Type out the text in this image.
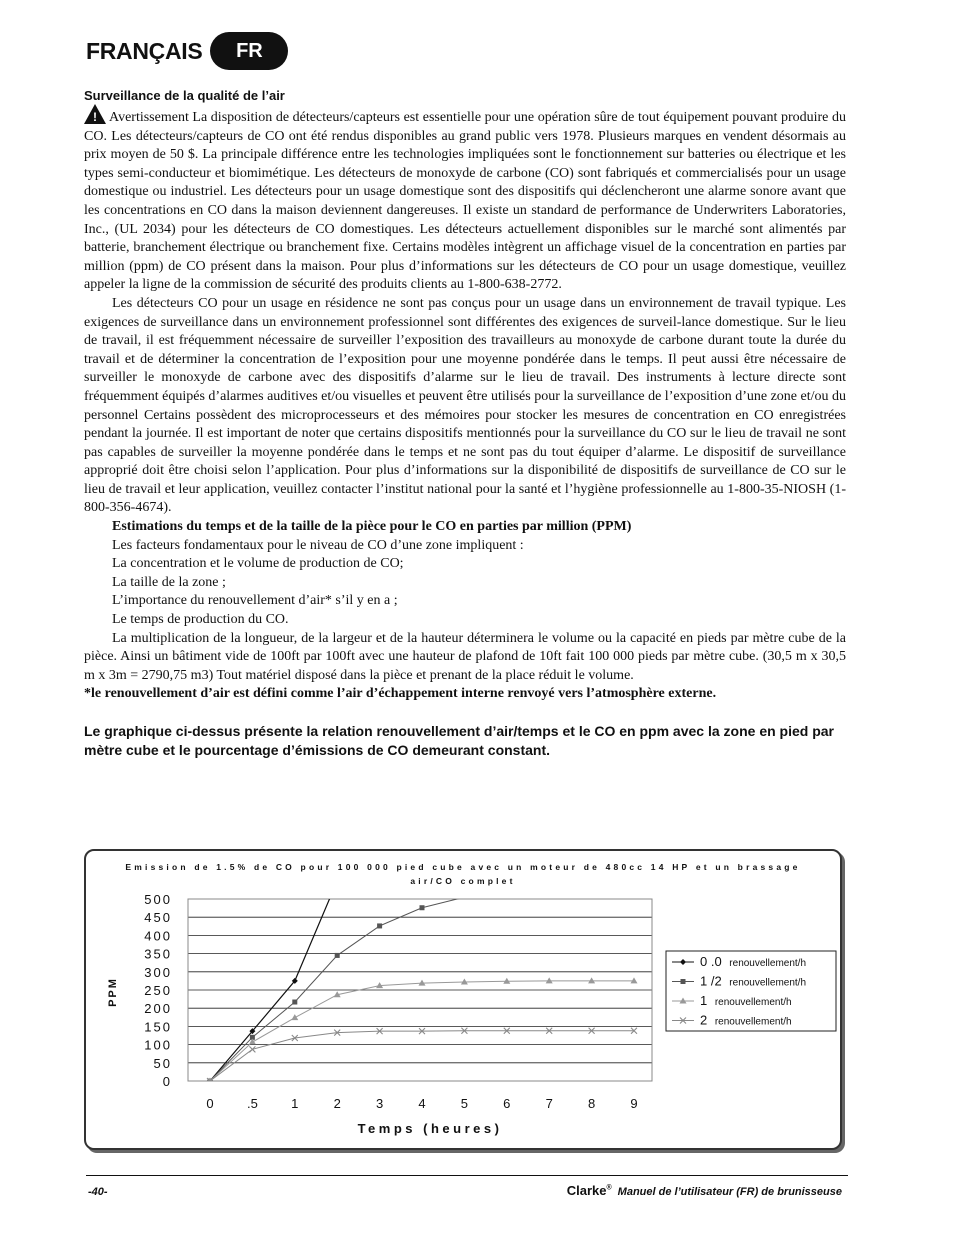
FRANÇAIS	FR

Surveillance de la qualité de l’air

!Avertissement La disposition de détecteurs/capteurs est essentielle pour une opération sûre de tout équipement pouvant produire du CO. Les détecteurs/capteurs de CO ont été rendus disponibles au grand public vers 1978. Plusieurs marques en vendent désormais au prix moyen de 50 $. La principale différence entre les technologies impliquées sont le fonctionnement sur batteries ou électrique et les types semi-conducteur et biomimétique. Les détecteurs de monoxyde de carbone (CO) sont fabriqués et commercialisés pour un usage domestique ou industriel. Les détecteurs pour un usage domestique sont des dispositifs qui déclencheront une alarme sonore avant que les concentrations en CO dans la maison deviennent dangereuses. Il existe un standard de performance de Underwriters Laboratories, Inc., (UL 2034) pour les détecteurs de CO domestiques. Les détecteurs actuellement disponibles sur le marché sont alimentés par batterie, branchement électrique ou branchement fixe. Certains modèles intègrent un affichage visuel de la concentration en parties par million (ppm) de CO présent dans la maison. Pour plus d’informations sur les détecteurs de CO pour un usage domestique, veuillez appeler la ligne de la commission de sécurité des produits clients au 1-800-638-2772.

Les détecteurs CO pour un usage en résidence ne sont pas conçus pour un usage dans un environnement de travail typique. Les exigences de surveillance dans un environnement professionnel sont différentes des exigences de surveil-lance domestique. Sur le lieu de travail, il est fréquemment nécessaire de surveiller l’exposition des travailleurs au monoxyde de carbone durant toute la durée du travail et de déterminer la concentration de l’exposition pour une moyenne pondérée dans le temps. Il peut aussi être nécessaire de surveiller le monoxyde de carbone avec des dispositifs d’alarme sur le lieu de travail. Des instruments à lecture directe sont fréquemment équipés d’alarmes auditives et/ou visuelles et peuvent être utilisés pour la surveillance de l’exposition d’une zone et/ou du personnel Certains possèdent des microprocesseurs et des mémoires pour stocker les mesures de concentration en CO enregistrées pendant la journée. Il est important de noter que certains dispositifs mentionnés pour la surveillance du CO sur le lieu de travail ne sont pas capables de surveiller la moyenne pondérée dans le temps et ne sont pas du tout équiper d’alarme. Le dispositif de surveillance approprié doit être choisi selon l’application. Pour plus d’informations sur la disponibilité de dispositifs de surveillance de CO sur le lieu de travail et leur application, veuillez contacter l’institut national pour la santé et l’hygiène professionnelle au 1-800-35-NIOSH (1-800-356-4674).

Estimations du temps et de la taille de la pièce pour le CO en parties par million (PPM)

Les facteurs fondamentaux pour le niveau de CO d’une zone impliquent :

La concentration et le volume de production de CO;

La taille de la zone ;

L’importance du renouvellement d’air* s’il y en a ;

Le temps de production du CO.

La multiplication de la longueur, de la largeur et de la hauteur déterminera le volume ou la capacité en pieds par mètre cube de la pièce. Ainsi un bâtiment vide de 100ft par 100ft avec une hauteur de plafond de 10ft fait 100 000 pieds par mètre cube. (30,5 m x 30,5 m x 3m = 2790,75 m3) Tout matériel disposé dans la pièce et prenant de la place réduit le volume.

*le renouvellement d’air est défini comme l’air d’échappement interne renvoyé vers l’atmosphère externe.

Le graphique ci-dessus présente la relation renouvellement d’air/temps et le CO en ppm avec la zone en pied par mètre cube et le pourcentage d’émissions de CO demeurant constant.

Emission de 1.5% de CO pour 100 000 pied cube avec un moteur de 480cc 14 HP et un brassage air/CO complet
0
50
100
150
200
250
300
350
400
450
500
0	.5	1	2	3	4	5	6	7	8	9
Temps (heures)
PPM
0 .0 renouvellement/h
1 /2 renouvellement/h
1 renouvellement/h
2 renouvellement/h
-40-	Clarke® Manuel de l’utilisateur (FR) de brunisseuse
